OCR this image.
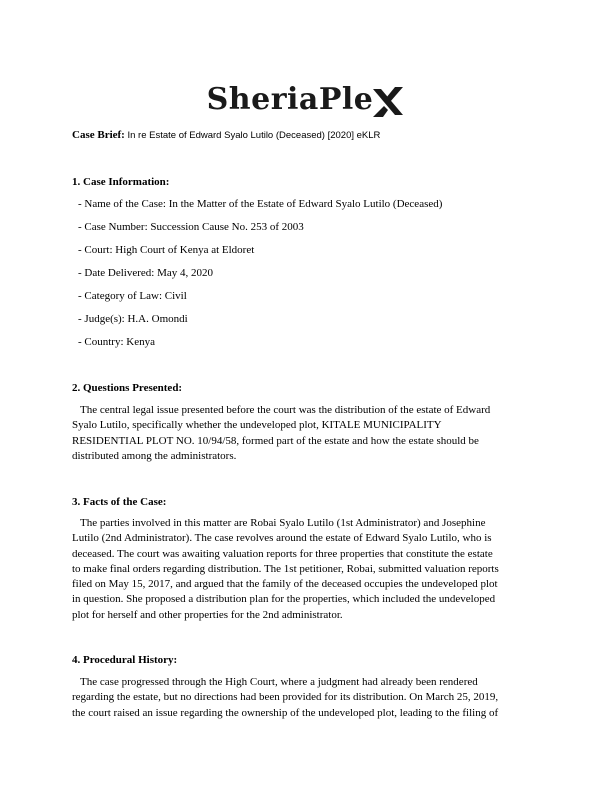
SheriaPle
Case Brief: In re Estate of Edward Syalo Lutilo (Deceased) [2020] eKLR
1. Case Information:
- Name of the Case: In the Matter of the Estate of Edward Syalo Lutilo (Deceased)
- Case Number: Succession Cause No. 253 of 2003
- Court: High Court of Kenya at Eldoret
- Date Delivered: May 4, 2020
- Category of Law: Civil
- Judge(s): H.A. Omondi
- Country: Kenya
2. Questions Presented:
The central legal issue presented before the court was the distribution of the estate of Edward
Syalo Lutilo, specifically whether the undeveloped plot, KITALE MUNICIPALITY
RESIDENTIAL PLOT NO. 10/94/58, formed part of the estate and how the estate should be
distributed among the administrators.
3. Facts of the Case:
The parties involved in this matter are Robai Syalo Lutilo (1st Administrator) and Josephine
Lutilo (2nd Administrator). The case revolves around the estate of Edward Syalo Lutilo, who is
deceased. The court was awaiting valuation reports for three properties that constitute the estate
to make final orders regarding distribution. The 1st petitioner, Robai, submitted valuation reports
filed on May 15, 2017, and argued that the family of the deceased occupies the undeveloped plot
in question. She proposed a distribution plan for the properties, which included the undeveloped
plot for herself and other properties for the 2nd administrator.
4. Procedural History:
The case progressed through the High Court, where a judgment had already been rendered
regarding the estate, but no directions had been provided for its distribution. On March 25, 2019,
the court raised an issue regarding the ownership of the undeveloped plot, leading to the filing of
